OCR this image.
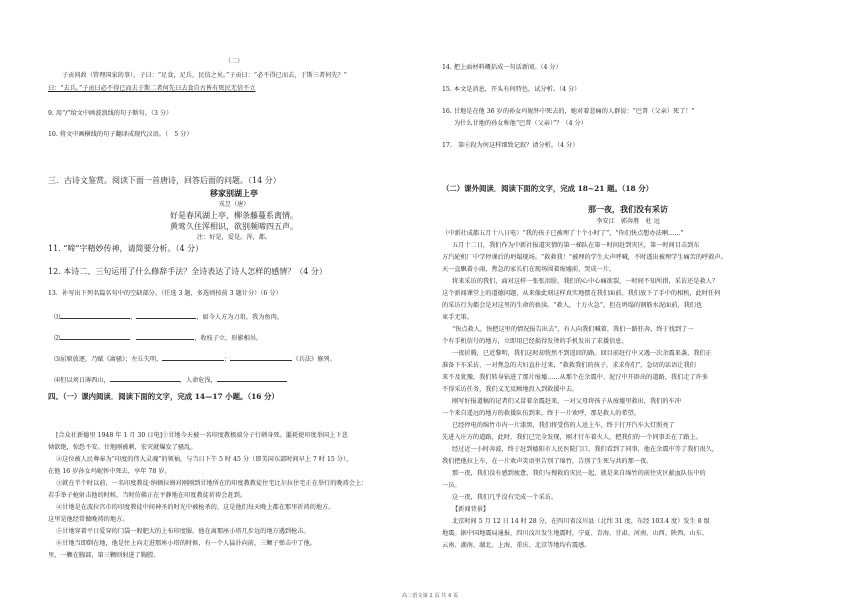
（二）
子贡问政（管理国家的事），子曰：“足食，足兵，民信之矣。”子贡曰：“必不得已而去，于斯三者何先？”
曰：“去兵。”子贡曰必不得已而去于斯二者何先曰去食自古皆有死民无信不立
9. 用“/”给文中画波浪线的句子断句。（3 分）
10. 将文中画横线的句子翻译成现代汉语。（　5 分）
三．古诗文鉴赏。阅读下面一首唐诗，回答后面的问题。（14 分）
移家别湖上亭
戎昱（唐）
好是春风湖上亭，柳条藤蔓系离情。
黄莺久住浑相识，欲别频啼四五声。
注：好是，爱是。浑，都。
11. “啼”字精妙传神，请简要分析。（4 分）
12. 本诗二、三句运用了什么修辞手法？全诗表达了诗人怎样的感情？（4 分）
13．补写出下列名篇名句中的空缺部分。（任选 3 题，多选则按前 3 题计分）（6 分）
⑴	，	，如今人方为刀俎，我为鱼肉。
⑵	，收枝子立，形影相吊。
⑶屈原放逐，乃赋《离骚》；左丘失明，	；	《兵法》修列。
⑷但以刘日薄西山，	，人命危浅，
四、（一）课内阅读．阅读下面的文字，完成 14—17 小题。（16 分）
[合众社新德里 1948 年 1 月 30 日电]①甘地今天被一名印度教极端分子行刺身死。噩耗使印度举国上下悲
恸欲绝，惊恐不安。甘地刚被刺，宏灾就爆发了骚乱。
②这位被人民尊奉为“印度的伟大灵魂”的领袖，与当日下午 5 时 45 分（即美国东部时间早上 7 时 15 分），
在他 16 岁孙女玛妮怀中死去，享年 78 岁。
③就在半个时以前，一名印度教徒·纳顿拉姆对刚刚到甘地所在的印度教教徒住宅比尔拉住宅正在举行的晚祷会上：
若手举子枪射击他的时候，当时仿佛正在平静地在印度教徒祈祷会赶到。
④甘地是在波拉宫市的印度教徒中间神圣的时光中被枪杀的，这是他们每天晚上都在那里祈祷的地方。
这里是他经常做晚祷的地方。
⑤甘地穿着平日爱穿的门袋一般肥大的上布印度服。他在离那座小塔几步远的地方遇到枪击。
⑥甘地当即倒在地，他是往上向走进那座小塔的时候，有一个人猛扑向前，三颗子弹击中了他。
里，一颗在胸部，第三颗则射进了胸膛。
14. 把上面材料概括成一句话新闻。（4 分）
15. 本文是消息，开头有何特色，试分析。（4 分）
16. 甘地是在他 36 岁的孙女玛妮怀中死去的，她对着悲痛的人群说：“巴普（父亲）死了！”
为什么甘地的孙女称他“巴普（父亲）”？（4 分）
17.　第⑥段为何这样细致记叙？请分析。（4 分）
（二）课外阅读．阅读下面的文字，完成 18~21 题。（18 分）
那一夜，我们没有采访
李安江　郭奔胜　杜 远
（中新社成都五月十八日电）“我的孩子已被埋了十个小时了”，“你们快点想办法啊……”
五月十二日，我们作为中新社报道灾情的第一梯队在第一时间赶到灾区，第一时间目击到东
方汽轮机厂中学停课后的坍塌现场。“救救我！”被埋的学生大声呼喊，不时透出被埋学生痛苦的呼救声。
天一直飘着小雨，焦急的家长们在现场围着废墟前，哭成一片。
将来采访的我们，面对这样一张张泪脸，我们的心中心痛欲裂，一时间不知所措，采访还是救人？
这个新闻课堂上的道德问题，从来像此刻这样真实地摆在我们面前。我们放下了手中的相机，此时任何
的采访行为都会是对这里的生命的亵渎。“救人，十万火急”，但在坍塌的钢筋水泥面前，我们也
束手无策。
“快点救人，快把这里的情况报告出去”，有人向我们喊着，我们一路狂奔，终于找到了一
个有手机信号的地方，立即用已经损得发烫的手机发出了求援信息。
一夜折腾，已近黎明，我们这时却恍然不到返回的路。回目前赶行中又遇一次余震来袭，我们正
准备下车采访，一对焦急的夫妇直扑过来，“救救我们的孩子，求求你们”，急切的话语让我们
来不及犹豫，我们转身钻进了那片废墟……从那个在余震中、泥泞中开辟出的道路，我们走了许多
不得采访任务，我们义无反顾地投入到救援中去。
刚写好报道稿的记者们又冒着余震赶来，一对父母将孩子从废墟里救出，我们的车冲
一个来自遥远的地方的救援队伍到来，终于一片欢呼，那是救人的希望。
已经停电的绵竹市内一片漆黑，我们将受伤的人送上车，终于打开汽车大灯照亮了
先进入庄方的道路，此时，我们已完全发现，刚才行车着火人，把我们的一个同事丢在了路上。
经过近一小时奔波，终于赶到德阳市人民医院门口，我们看到了同事，他在余震中等了我们很久，
我们把他拉上车，在一片欢声笑语里告别了绵竹，告别了生死与共的那一夜。
那一夜，我们没有感到疲惫，我们与搜救的灾民一起，就是来自绵竹的前往灾区献血队伍中的
一员。
这一夜，我们几乎没有完成一个采访。
【新闻背景】
北京时间 5 月 12 日 14 时 28 分，在四川省汶川县（北纬 31 度，东经 103.4 度）发生 8 级
地震。据中国地震局通报，四川汶川发生地震时，宁夏、青海、甘肃、河南、山西、陕西、山东、
云南、湖南、湖北、上海、重庆、北京等地均有震感。
高二语文第 2 页 共 4 页
